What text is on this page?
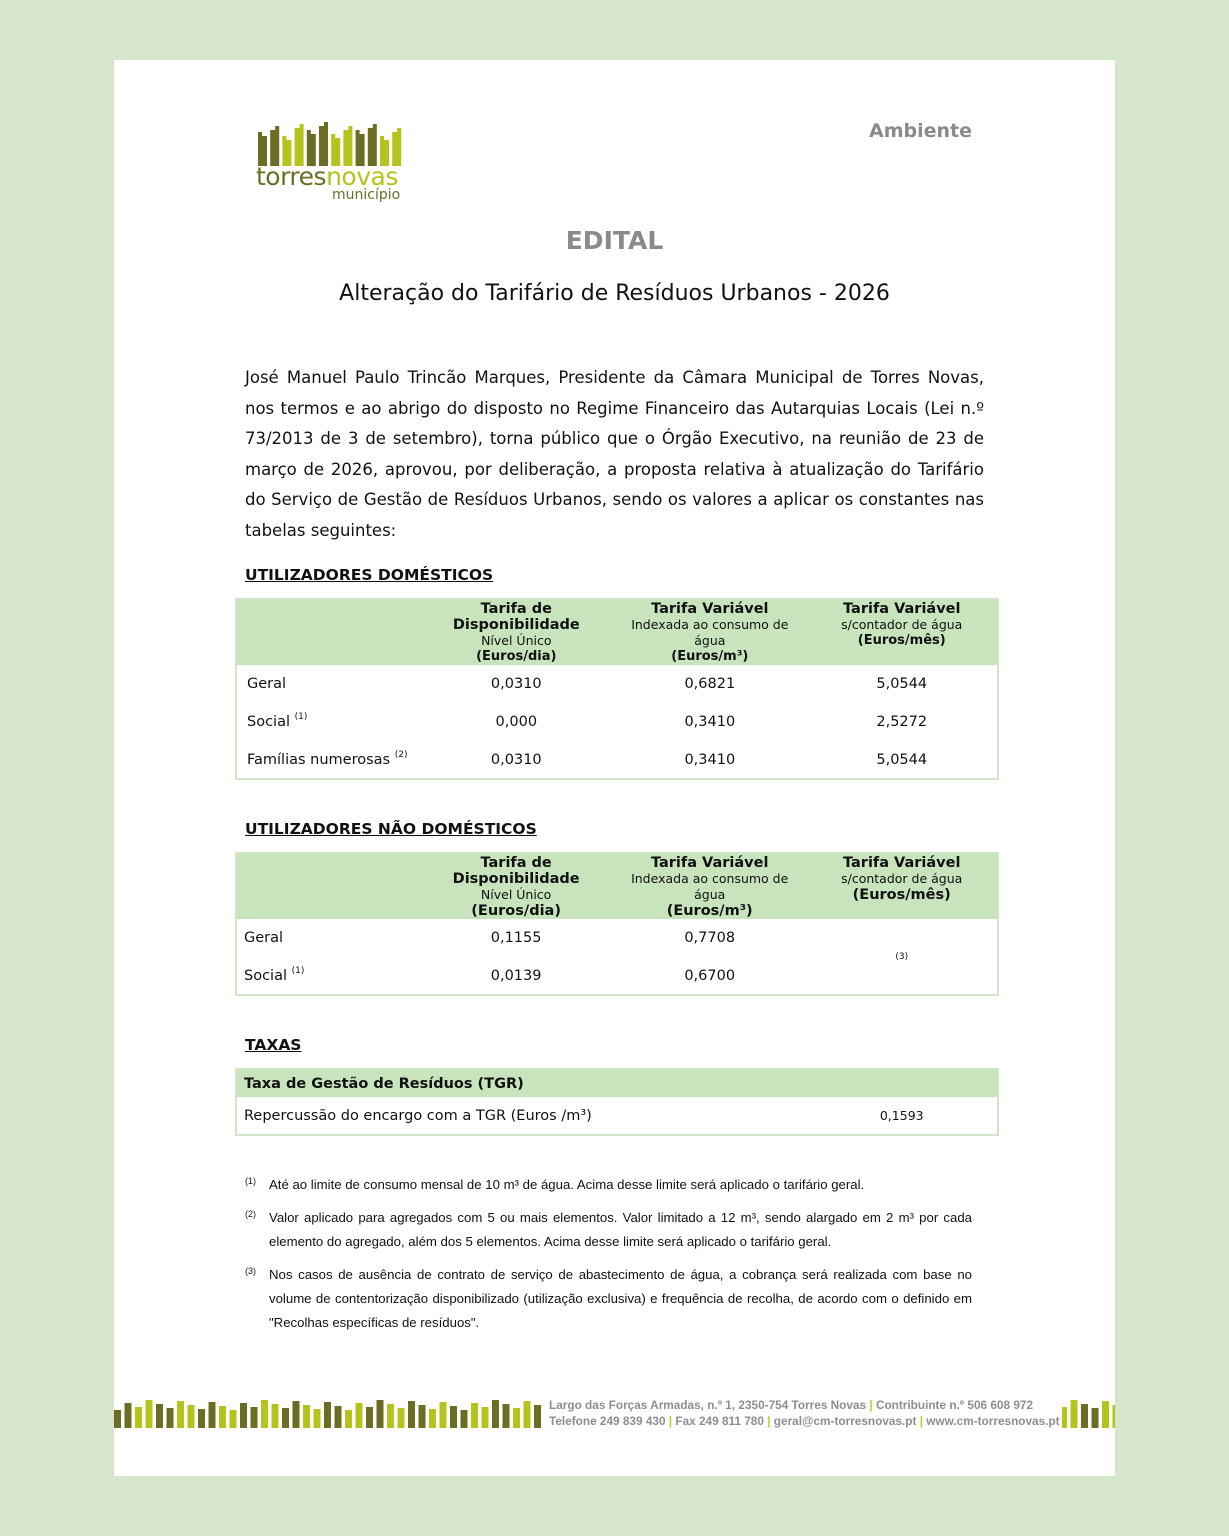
torresnovas
município
Ambiente
EDITAL
Alteração do Tarifário de Resíduos Urbanos - 2026
José Manuel Paulo Trincão Marques, Presidente da Câmara Municipal de Torres Novas, nos termos e ao abrigo do disposto no Regime Financeiro das Autarquias Locais (Lei n.º 73/2013 de 3 de setembro), torna público que o Órgão Executivo, na reunião de 23 de março de 2026, aprovou, por deliberação, a proposta relativa à atualização do Tarifário do Serviço de Gestão de Resíduos Urbanos, sendo os valores a aplicar os constantes nas tabelas seguintes:
UTILIZADORES DOMÉSTICOS

	Tarifa de Disponibilidade
Nível Único
(Euros/dia)	Tarifa Variável
Indexada ao consumo de água
(Euros/m³)	Tarifa Variável
s/contador de água
(Euros/mês)

Geral	0,0310	0,6821	5,0544
Social $^{(1)}$	0,000	0,3410	2,5272
Famílias numerosas $^{(2)}$	0,0310	0,3410	5,0544
UTILIZADORES NÃO DOMÉSTICOS

	Tarifa de Disponibilidade
Nível Único
(Euros/dia)	Tarifa Variável
Indexada ao consumo de água
(Euros/m³)	Tarifa Variável
s/contador de água
(Euros/mês)

Geral	0,1155	0,7708	(3)
Social $^{(1)}$	0,0139	0,6700	
TAXAS
Taxa de Gestão de Resíduos (TGR)
Repercussão do encargo com a TGR (Euros /m³)	0,1593
(1) Até ao limite de consumo mensal de 10 m³ de água. Acima desse limite será aplicado o tarifário geral.
(2) Valor aplicado para agregados com 5 ou mais elementos. Valor limitado a 12 m³, sendo alargado em 2 m³ por cada elemento do agregado, além dos 5 elementos. Acima desse limite será aplicado o tarifário geral.
(3) Nos casos de ausência de contrato de serviço de abastecimento de água, a cobrança será realizada com base no volume de contentorização disponibilizado (utilização exclusiva) e frequência de recolha, de acordo com o definido em "Recolhas específicas de resíduos".
Largo das Forças Armadas, n.º 1, 2350-754 Torres Novas | Contribuinte n.º 506 608 972
Telefone 249 839 430 | Fax 249 811 780 | geral@cm-torresnovas.pt | www.cm-torresnovas.pt
